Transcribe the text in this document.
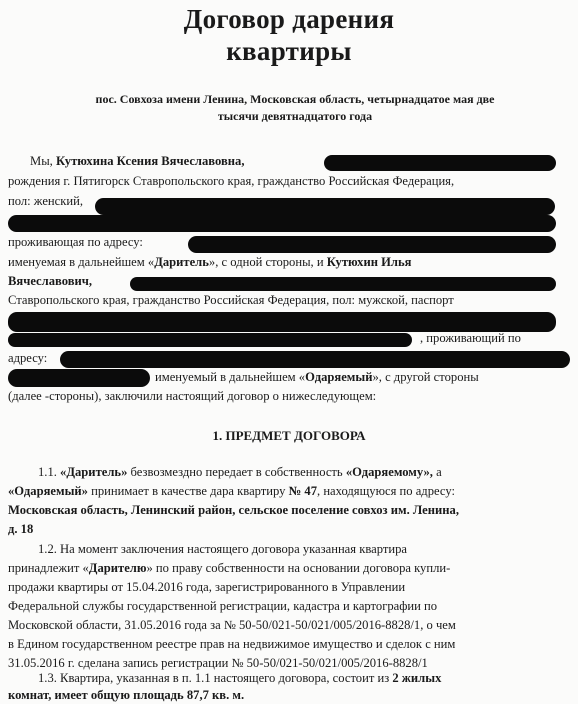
Договор дарения
квартиры
пос. Совхоза имени Ленина, Московская область, четырнадцатое мая две
тысячи девятнадцатого года
Мы, Кутюхина Ксения Вячеславовна,
рождения г. Пятигорск Ставропольского края, гражданство Российская Федерация,
пол: женский,
проживающая по адресу:
именуемая в дальнейшем «Даритель», с одной стороны, и Кутюхин Илья
Вячеславович,
Ставропольского края, гражданство Российская Федерация, пол: мужской, паспорт
, проживающий по
адресу:
именуемый в дальнейшем «Одаряемый», с другой стороны
(далее -стороны), заключили настоящий договор о нижеследующем:
1. ПРЕДМЕТ ДОГОВОРА
1.1. «Даритель» безвозмездно передает в собственность «Одаряемому», а
«Одаряемый» принимает в качестве дара квартиру № 47, находящуюся по адресу:
Московская область, Ленинский район, сельское поселение совхоз им. Ленина,
д. 18
1.2. На момент заключения настоящего договора указанная квартира
принадлежит «Дарителю» по праву собственности на основании договора купли-
продажи квартиры от 15.04.2016 года, зарегистрированного в Управлении
Федеральной службы государственной регистрации, кадастра и картографии по
Московской области, 31.05.2016 года за № 50-50/021-50/021/005/2016-8828/1, о чем
в Едином государственном реестре прав на недвижимое имущество и сделок с ним
31.05.2016 г. сделана запись регистрации № 50-50/021-50/021/005/2016-8828/1
1.3. Квартира, указанная в п. 1.1 настоящего договора, состоит из 2 жилых
комнат, имеет общую площадь 87,7 кв. м.
